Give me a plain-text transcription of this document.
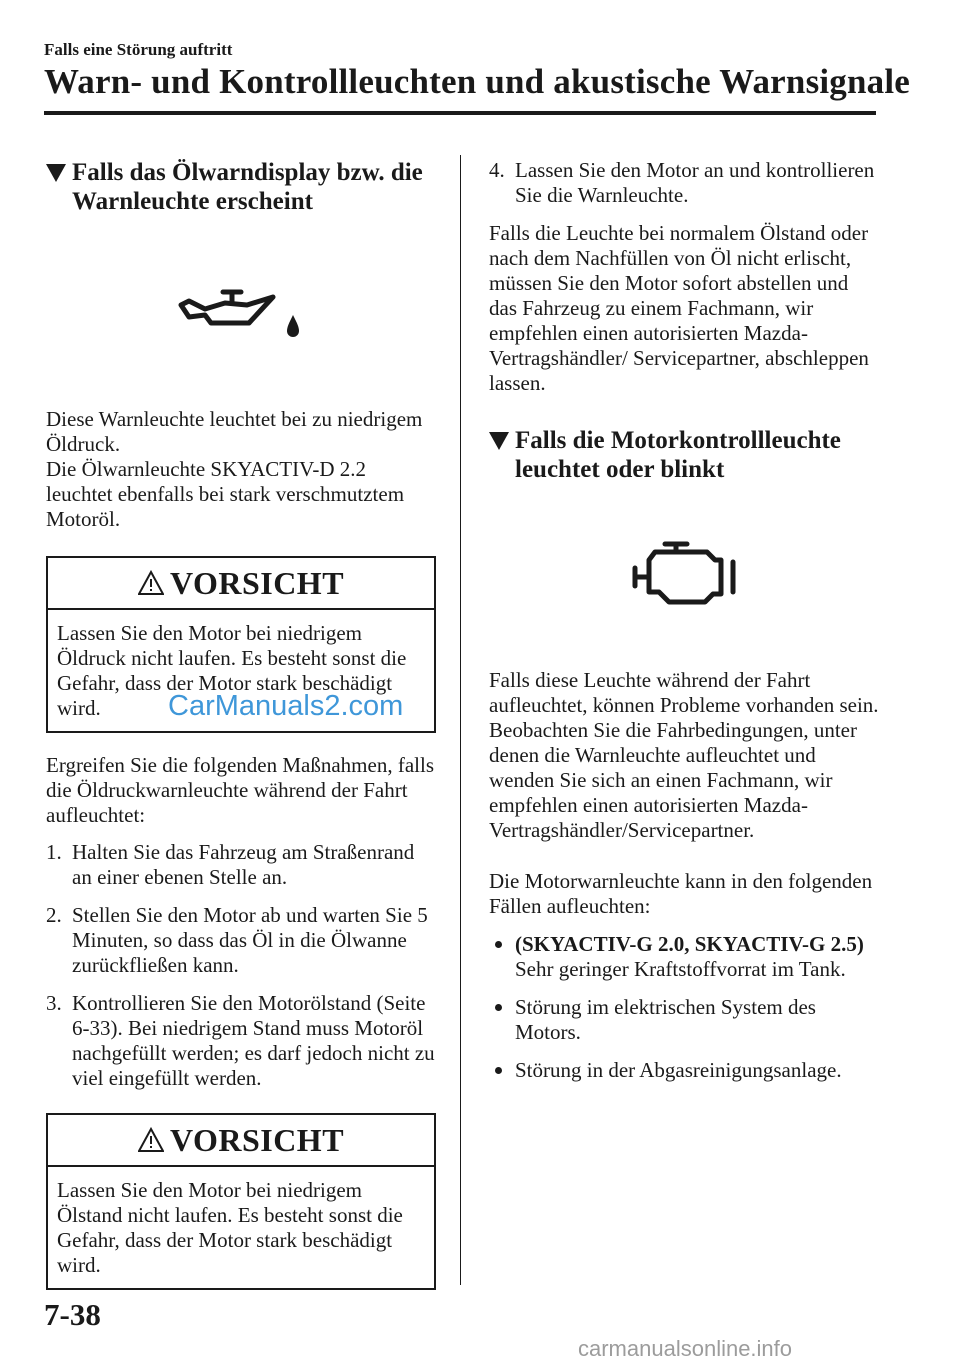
Falls eine Störung auftritt
Warn- und Kontrollleuchten und akustische Warnsignale
Falls das Ölwarndisplay bzw. die Warnleuchte erscheint

Diese Warnleuchte leuchtet bei zu niedrigem Öldruck.

Die Ölwarnleuchte SKYACTIV-D 2.2 leuchtet ebenfalls bei stark verschmutztem Motoröl.

VORSICHT
Lassen Sie den Motor bei niedrigem Öldruck nicht laufen. Es besteht sonst die Gefahr, dass der Motor stark beschädigt wird.

Ergreifen Sie die folgenden Maßnahmen, falls die Öldruckwarnleuchte während der Fahrt aufleuchtet:

1. Halten Sie das Fahrzeug am Straßenrand an einer ebenen Stelle an.
2. Stellen Sie den Motor ab und warten Sie 5 Minuten, so dass das Öl in die Ölwanne zurückfließen kann.
3. Kontrollieren Sie den Motorölstand (Seite 6-33). Bei niedrigem Stand muss Motoröl nachgefüllt werden; es darf jedoch nicht zu viel eingefüllt werden.
VORSICHT
Lassen Sie den Motor bei niedrigem Ölstand nicht laufen. Es besteht sonst die Gefahr, dass der Motor stark beschädigt wird.
4. Lassen Sie den Motor an und kontrollieren Sie die Warnleuchte.

Falls die Leuchte bei normalem Ölstand oder nach dem Nachfüllen von Öl nicht erlischt, müssen Sie den Motor sofort abstellen und das Fahrzeug zu einem Fachmann, wir empfehlen einen autorisierten Mazda-Vertragshändler/ Servicepartner, abschleppen lassen.

Falls die Motorkontrollleuchte leuchtet oder blinkt

Falls diese Leuchte während der Fahrt aufleuchtet, können Probleme vorhanden sein. Beobachten Sie die Fahrbedingungen, unter denen die Warnleuchte aufleuchtet und wenden Sie sich an einen Fachmann, wir empfehlen einen autorisierten Mazda-Vertragshändler/Servicepartner.

Die Motorwarnleuchte kann in den folgenden Fällen aufleuchten:

(SKYACTIV-G 2.0, SKYACTIV-G 2.5)
Sehr geringer Kraftstoffvorrat im Tank.
Störung im elektrischen System des Motors.
Störung in der Abgasreinigungsanlage.
7-38
CarManuals2.com
carmanualsonline.info
